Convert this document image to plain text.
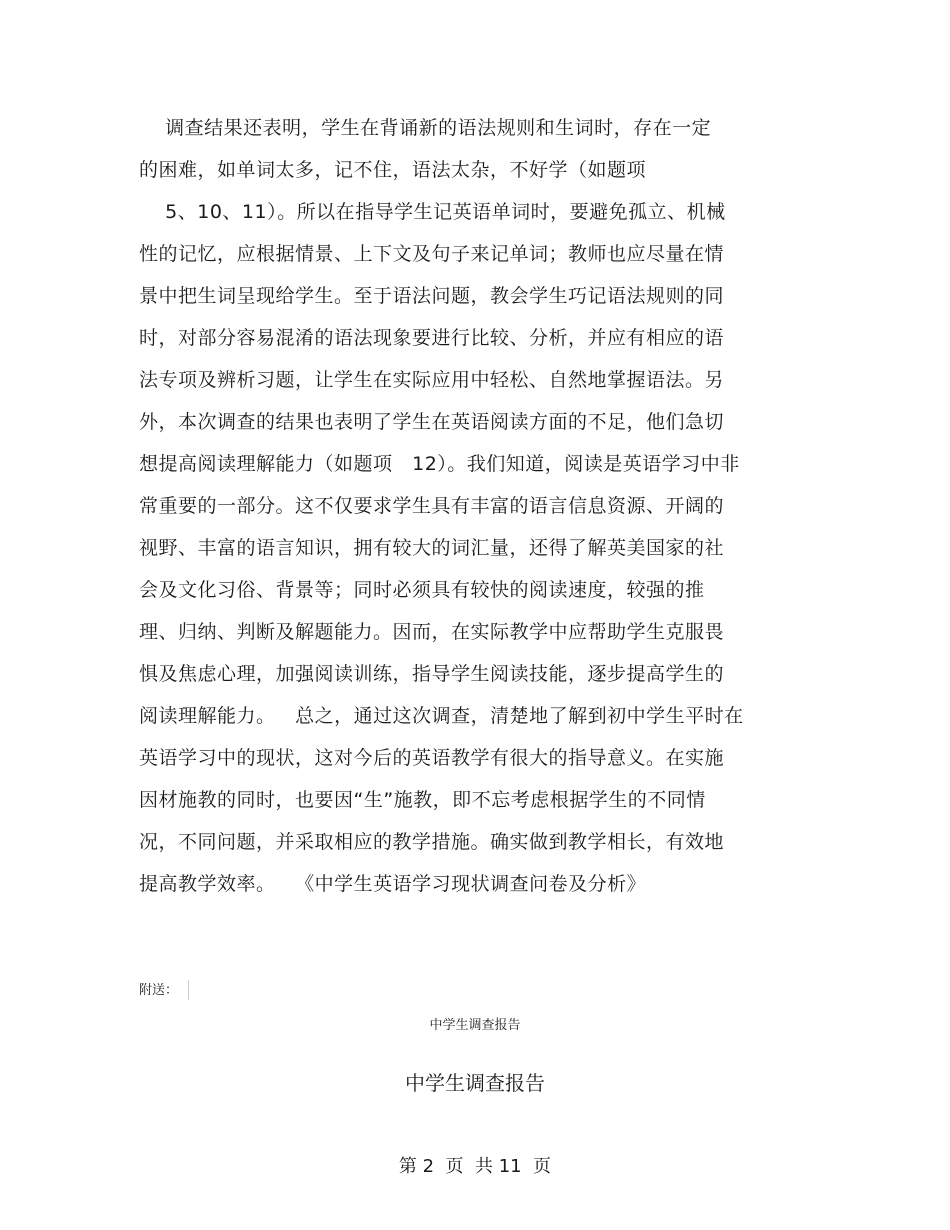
调查结果还表明，学生在背诵新的语法规则和生词时，存在一定
的困难，如单词太多，记不住，语法太杂，不好学（如题项
5、10、11）。所以在指导学生记英语单词时，要避免孤立、机械
性的记忆，应根据情景、上下文及句子来记单词；教师也应尽量在情
景中把生词呈现给学生。至于语法问题，教会学生巧记语法规则的同
时，对部分容易混淆的语法现象要进行比较、分析，并应有相应的语
法专项及辨析习题，让学生在实际应用中轻松、自然地掌握语法。另
外，本次调查的结果也表明了学生在英语阅读方面的不足，他们急切
想提高阅读理解能力（如题项   12）。我们知道，阅读是英语学习中非
常重要的一部分。这不仅要求学生具有丰富的语言信息资源、开阔的
视野、丰富的语言知识，拥有较大的词汇量，还得了解英美国家的社
会及文化习俗、背景等；同时必须具有较快的阅读速度，较强的推
理、归纳、判断及解题能力。因而，在实际教学中应帮助学生克服畏
惧及焦虑心理，加强阅读训练，指导学生阅读技能，逐步提高学生的
阅读理解能力。   总之，通过这次调查，清楚地了解到初中学生平时在
英语学习中的现状，这对今后的英语教学有很大的指导意义。在实施
因材施教的同时，也要因“生”施教，即不忘考虑根据学生的不同情
况，不同问题，并采取相应的教学措施。确实做到教学相长，有效地
提高教学效率。   《中学生英语学习现状调查问卷及分析》
附送：
中学生调查报告
中学生调查报告
第 2  页  共 11  页
